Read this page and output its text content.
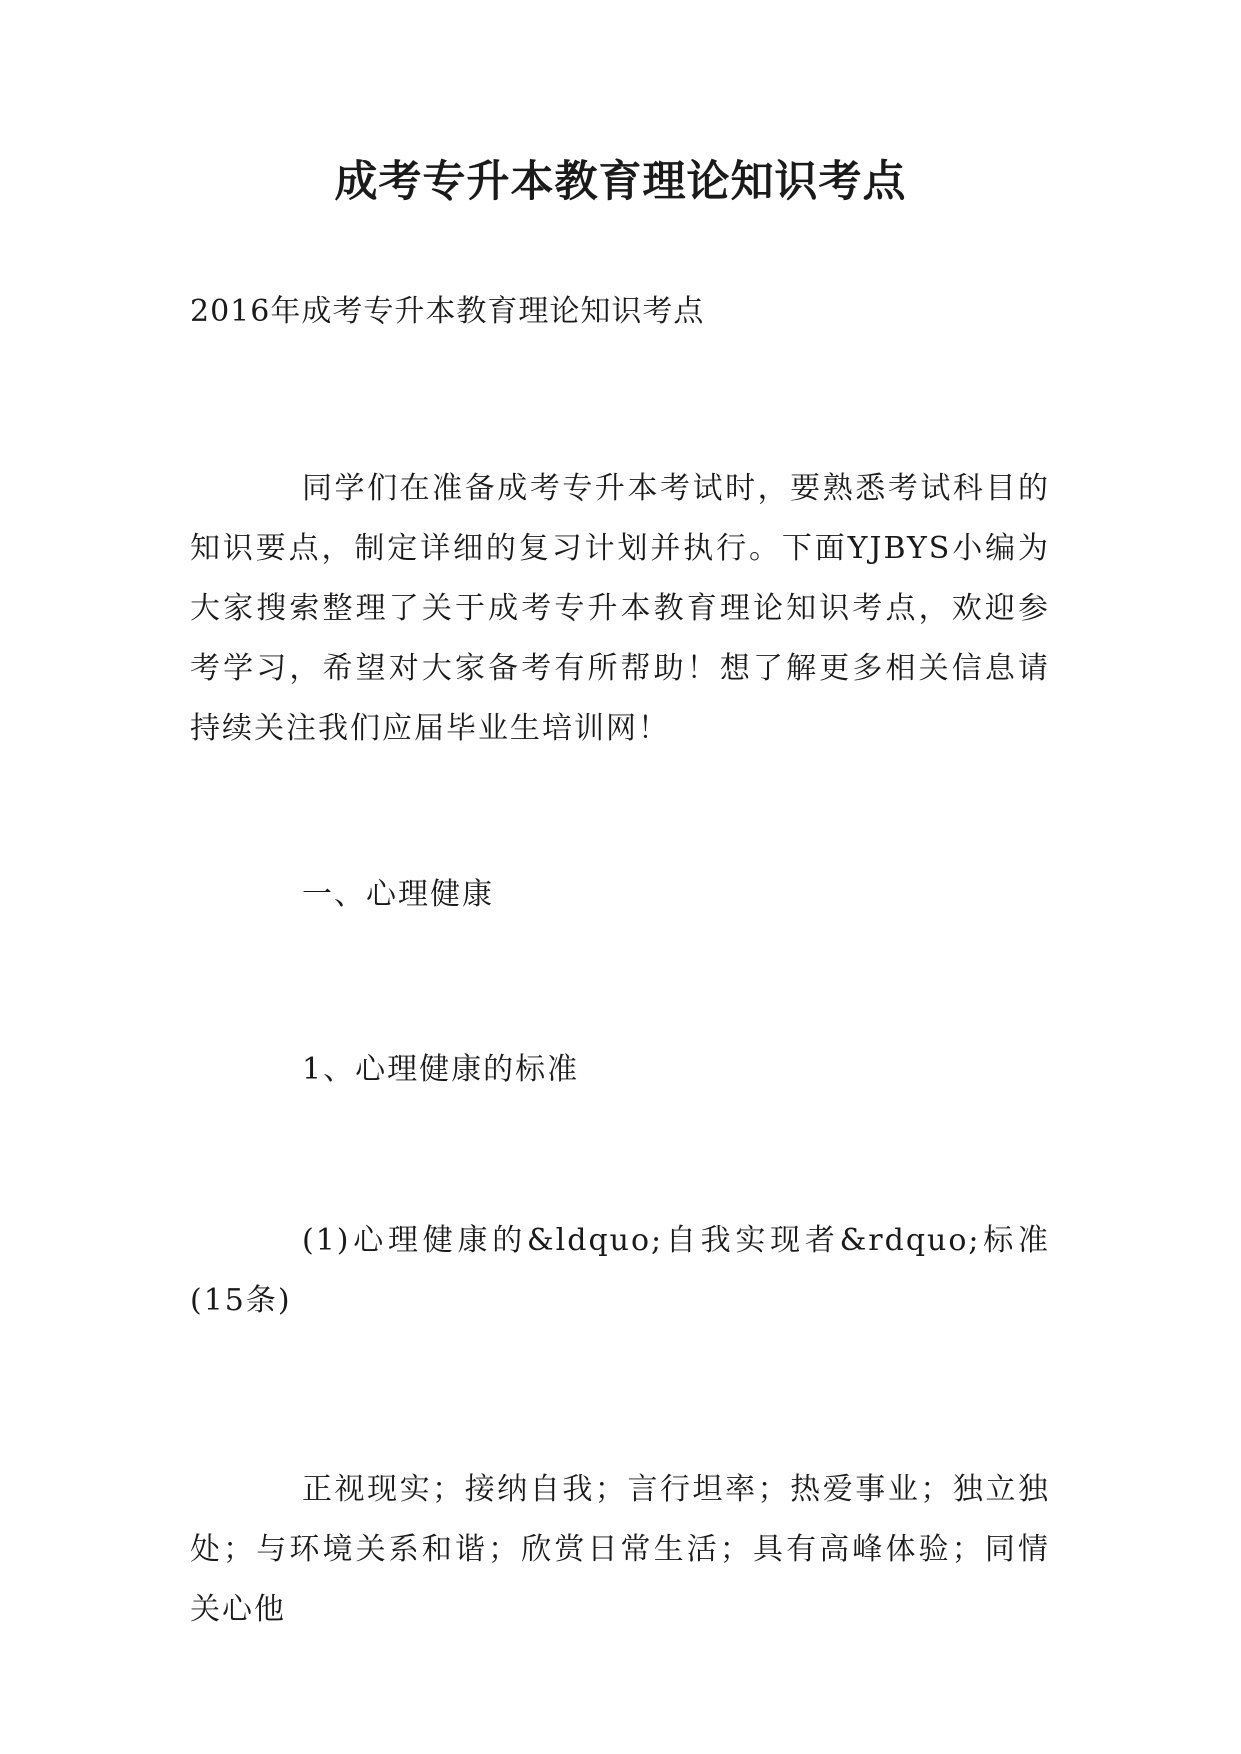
成考专升本教育理论知识考点
2016年成考专升本教育理论知识考点
同学们在准备成考专升本考试时，要熟悉考试科目的知识要点，制定详细的复习计划并执行。下面YJBYS小编为大家搜索整理了关于成考专升本教育理论知识考点，欢迎参考学习，希望对大家备考有所帮助！想了解更多相关信息请持续关注我们应届毕业生培训网！
一、心理健康
1、心理健康的标准
(1)心理健康的&ldquo;自我实现者&rdquo;标准(15条)
正视现实；接纳自我；言行坦率；热爱事业；独立独处；与环境关系和谐；欣赏日常生活；具有高峰体验；同情关心他
